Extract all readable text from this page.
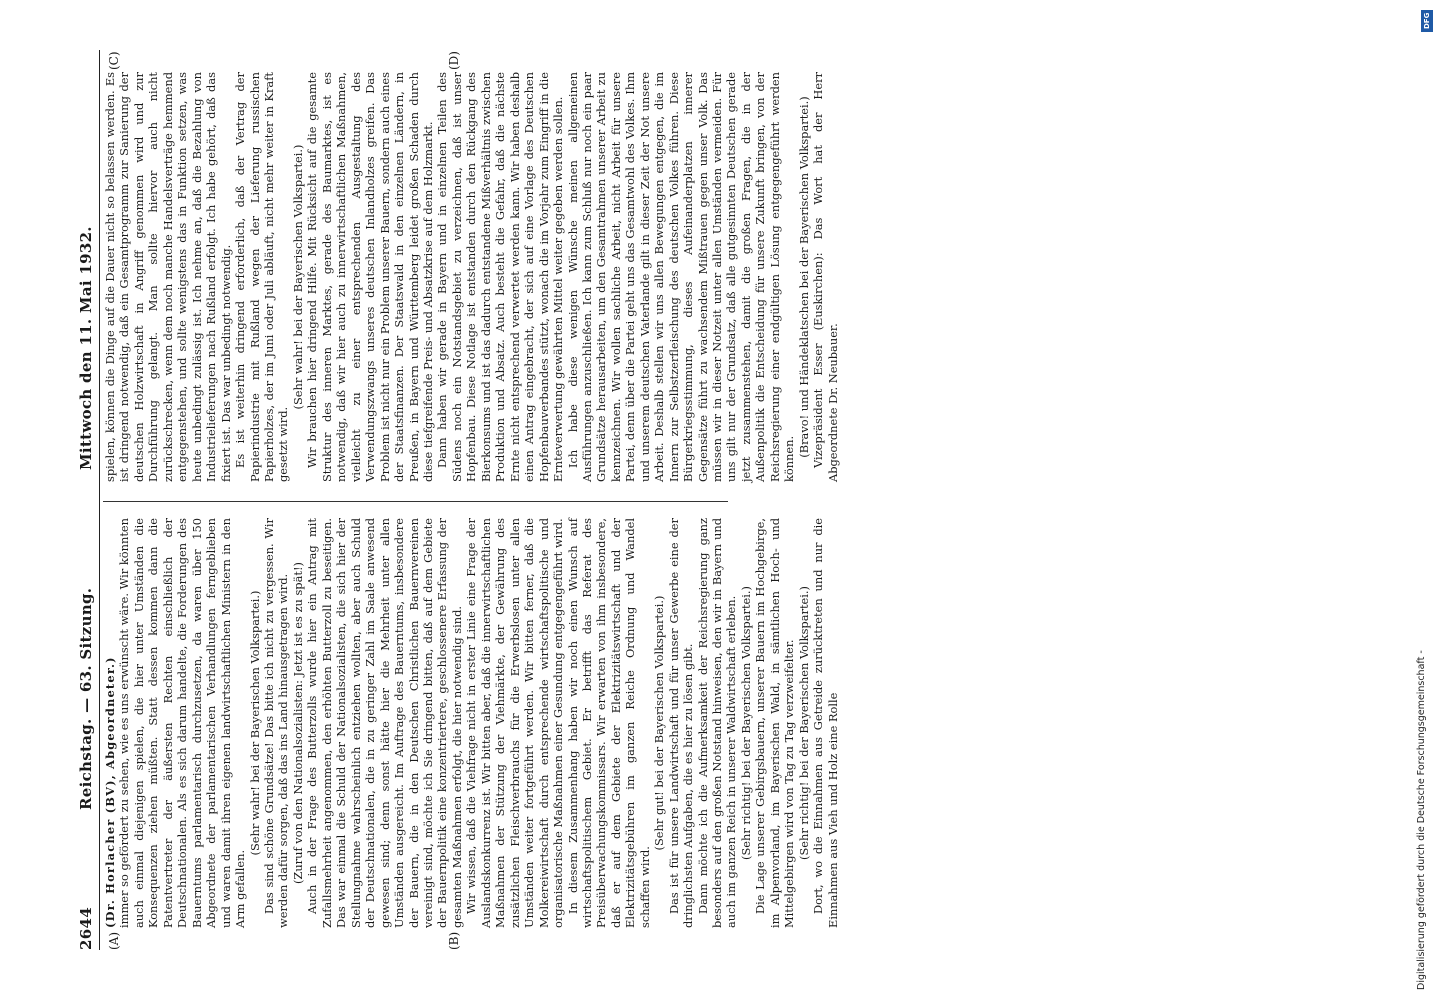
2644
Reichstag. — 63. Sitzung.
Mittwoch den 11. Mai 1932.
(A)	(B)
(C)	(D)

(Dr. Horlacher (BV), Abgeordneter.) immer so gefördert zu sehen, wie es uns erwünscht wäre. Wir könnten auch einmal diejenigen spielen, die hier unter Umständen die Konsequenzen ziehen müßten. Statt dessen kommen dann die Patentvertreter der äußersten Rechten einschließlich der Deutschnationalen. Als es sich darum handelte, die Forderungen des Bauerntums parlamentarisch durchzusetzen, da waren über 150 Abgeordnete der parlamentarischen Verhandlungen ferngeblieben und waren damit ihren eigenen landwirtschaftlichen Ministern in den Arm gefallen.

(Sehr wahr! bei der Bayerischen Volkspartei.) Das sind schöne Grundsätze! Das bitte ich nicht zu vergessen. Wir werden dafür sorgen, daß das ins Land hinausgetragen wird. (Zuruf von den Nationalsozialisten: Jetzt ist es zu spät!) Auch in der Frage des Butterzolls wurde hier ein Antrag mit Zufallsmehrheit angenommen, den erhöhten Butterzoll zu beseitigen. Das war einmal die Schuld der Nationalsozialisten, die sich hier der Stellungnahme wahrscheinlich entziehen wollten, aber auch Schuld der Deutschnationalen, die in zu geringer Zahl im Saale anwesend gewesen sind; denn sonst hätte hier die Mehrheit unter allen Umständen ausgereicht. Im Auftrage des Bauerntums, insbesondere der Bauern, die in den Deutschen Christlichen Bauernvereinen vereinigt sind, möchte ich Sie dringend bitten, daß auf dem Gebiete der Bauernpolitik eine konzentriertere, geschlossenere Erfassung der gesamten Maßnahmen erfolgt, die hier notwendig sind. Wir wissen, daß die Viehfrage nicht in erster Linie eine Frage der Auslandskonkurrenz ist. Wir bitten aber, daß die innerwirtschaftlichen Maßnahmen der Stützung der Viehmärkte, der Gewährung des zusätzlichen Fleischverbrauchs für die Erwerbslosen unter allen Umständen weiter fortgeführt werden. Wir bitten ferner, daß die Molkereiwirtschaft durch entsprechende wirtschaftspolitische und organisatorische Maßnahmen einer Gesundung entgegengeführt wird. In diesem Zusammenhang haben wir noch einen Wunsch auf wirtschaftspolitischem Gebiet. Er betrifft das Referat des Preisüberwachungskommissars. Wir erwarten von ihm insbesondere, daß er auf dem Gebiete der Elektrizitätswirtschaft und der Elektrizitätsgebühren im ganzen Reiche Ordnung und Wandel schaffen wird.

(Sehr gut! bei der Bayerischen Volkspartei.) Das ist für unsere Landwirtschaft und für unser Gewerbe eine der dringlichsten Aufgaben, die es hier zu lösen gibt. Dann möchte ich die Aufmerksamkeit der Reichsregierung ganz besonders auf den großen Notstand hinweisen, den wir in Bayern und auch im ganzen Reich in unserer Waldwirtschaft erleben. (Sehr richtig! bei der Bayerischen Volkspartei.) Die Lage unserer Gebirgsbauern, unserer Bauern im Hochgebirge, im Alpenvorland, im Bayerischen Wald, in sämtlichen Hoch- und Mittelgebirgen wird von Tag zu Tag verzweifelter. (Sehr richtig! bei der Bayerischen Volkspartei.) Dort, wo die Einnahmen aus Getreide zurücktreten und nur die Einnahmen aus Vieh und Holz eine Rolle

spielen, können die Dinge auf die Dauer nicht so belassen werden. Es ist dringend notwendig, daß ein Gesamtprogramm zur Sanierung der deutschen Holzwirtschaft in Angriff genommen wird und zur Durchführung gelangt. Man sollte hiervor auch nicht zurückschrecken, wenn dem noch manche Handelsverträge hemmend entgegenstehen, und sollte wenigstens das in Funktion setzen, was heute unbedingt zulässig ist. Ich nehme an, daß die Bezahlung von Industrielieferungen nach Rußland erfolgt. Ich habe gehört, daß das fixiert ist. Das war unbedingt notwendig. Es ist weiterhin dringend erforderlich, daß der Vertrag der Papierindustrie mit Rußland wegen der Lieferung russischen Papierholzes, der im Juni oder Juli abläuft, nicht mehr weiter in Kraft gesetzt wird.

(Sehr wahr! bei der Bayerischen Volkspartei.) Wir brauchen hier dringend Hilfe. Mit Rücksicht auf die gesamte Struktur des inneren Marktes, gerade des Baumarktes, ist es notwendig, daß wir hier auch zu innerwirtschaftlichen Maßnahmen, vielleicht zu einer entsprechenden Ausgestaltung des Verwendungszwangs unseres deutschen Inlandholzes greifen. Das Problem ist nicht nur ein Problem unserer Bauern, sondern auch eines der Staatsfinanzen. Der Staatswald in den einzelnen Ländern, in Preußen, in Bayern und Württemberg leidet großen Schaden durch diese tiefgreifende Preis- und Absatzkrise auf dem Holzmarkt. Dann haben wir gerade in Bayern und in einzelnen Teilen des Südens noch ein Notstandsgebiet zu verzeichnen, daß ist unser Hopfenbau. Diese Notlage ist entstanden durch den Rückgang des Bierkonsums und ist das dadurch entstandene Mißverhältnis zwischen Produktion und Absatz. Auch besteht die Gefahr, daß die nächste Ernte nicht entsprechend verwertet werden kann. Wir haben deshalb einen Antrag eingebracht, der sich auf eine Vorlage des Deutschen Hopfenbauverbandes stützt, wonach die im Vorjahr zum Eingriff in die Ernteverwertung gewährten Mittel weiter gegeben werden sollen. Ich habe diese wenigen Wünsche meinen allgemeinen Ausführungen anzuschließen. Ich kann zum Schluß nur noch ein paar Grundsätze herausarbeiten, um den Gesamtrahmen unserer Arbeit zu kennzeichnen. Wir wollen sachliche Arbeit, nicht Arbeit für unsere Partei, denn über die Partei geht uns das Gesamtwohl des Volkes. Ihm und unserem deutschen Vaterlande gilt in dieser Zeit der Not unsere Arbeit. Deshalb stellen wir uns allen Bewegungen entgegen, die im Innern zur Selbstzerfleischung des deutschen Volkes führen. Diese Bürgerkriegsstimmung, dieses Aufeinanderplatzen innerer Gegensätze führt zu wachsendem Mißtrauen gegen unser Volk. Das müssen wir in dieser Notzeit unter allen Umständen vermeiden. Für uns gilt nur der Grundsatz, daß alle gutgesinnten Deutschen gerade jetzt zusammenstehen, damit die großen Fragen, die in der Außenpolitik die Entscheidung für unsere Zukunft bringen, von der Reichsregierung einer endgültigen Lösung entgegengeführt werden können.

(Bravo! und Händeklatschen bei der Bayerischen Volkspartei.) Vizepräsident Esser (Euskirchen): Das Wort hat der Herr Abgeordnete Dr. Neubauer.

Digitalisierung gefördert durch die Deutsche Forschungsgemeinschaft -
DFG
